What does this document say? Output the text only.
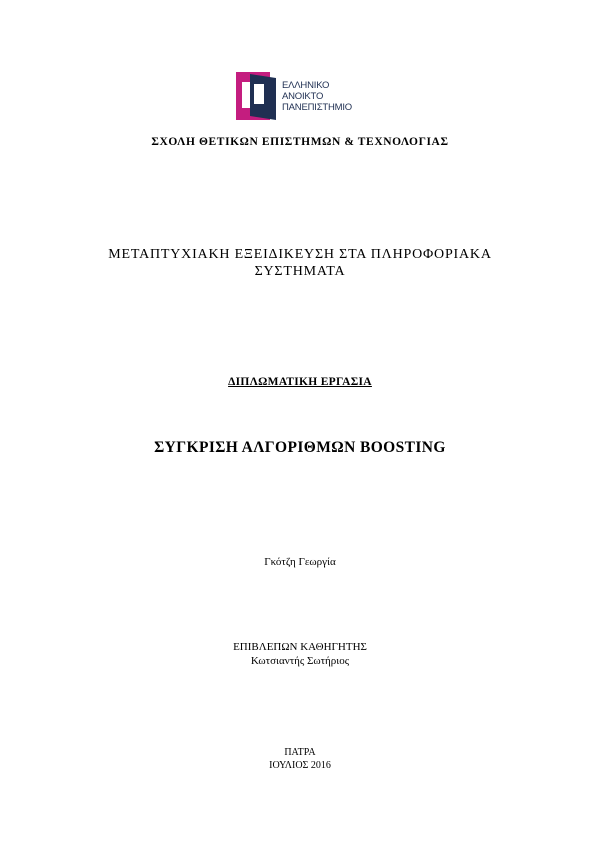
ΕΛΛΗΝΙΚΟ
ΑΝΟΙΚΤΟ
ΠΑΝΕΠΙΣΤΗΜΙΟ
ΣΧΟΛΗ ΘΕΤΙΚΩΝ ΕΠΙΣΤΗΜΩΝ & ΤΕΧΝΟΛΟΓΙΑΣ
ΜΕΤΑΠΤΥΧΙΑΚΗ ΕΞΕΙΔΙΚΕΥΣΗ ΣΤΑ ΠΛΗΡΟΦΟΡΙΑΚΑ
ΣΥΣΤΗΜΑΤΑ
ΔΙΠΛΩΜΑΤΙΚΗ ΕΡΓΑΣΙΑ
ΣΥΓΚΡΙΣΗ ΑΛΓΟΡΙΘΜΩΝ BOOSTING
Γκότζη Γεωργία
ΕΠΙΒΛΕΠΩΝ ΚΑΘΗΓΗΤΗΣ
Κωτσιαντής Σωτήριος
ΠΑΤΡΑ
ΙΟΥΛΙΟΣ 2016
